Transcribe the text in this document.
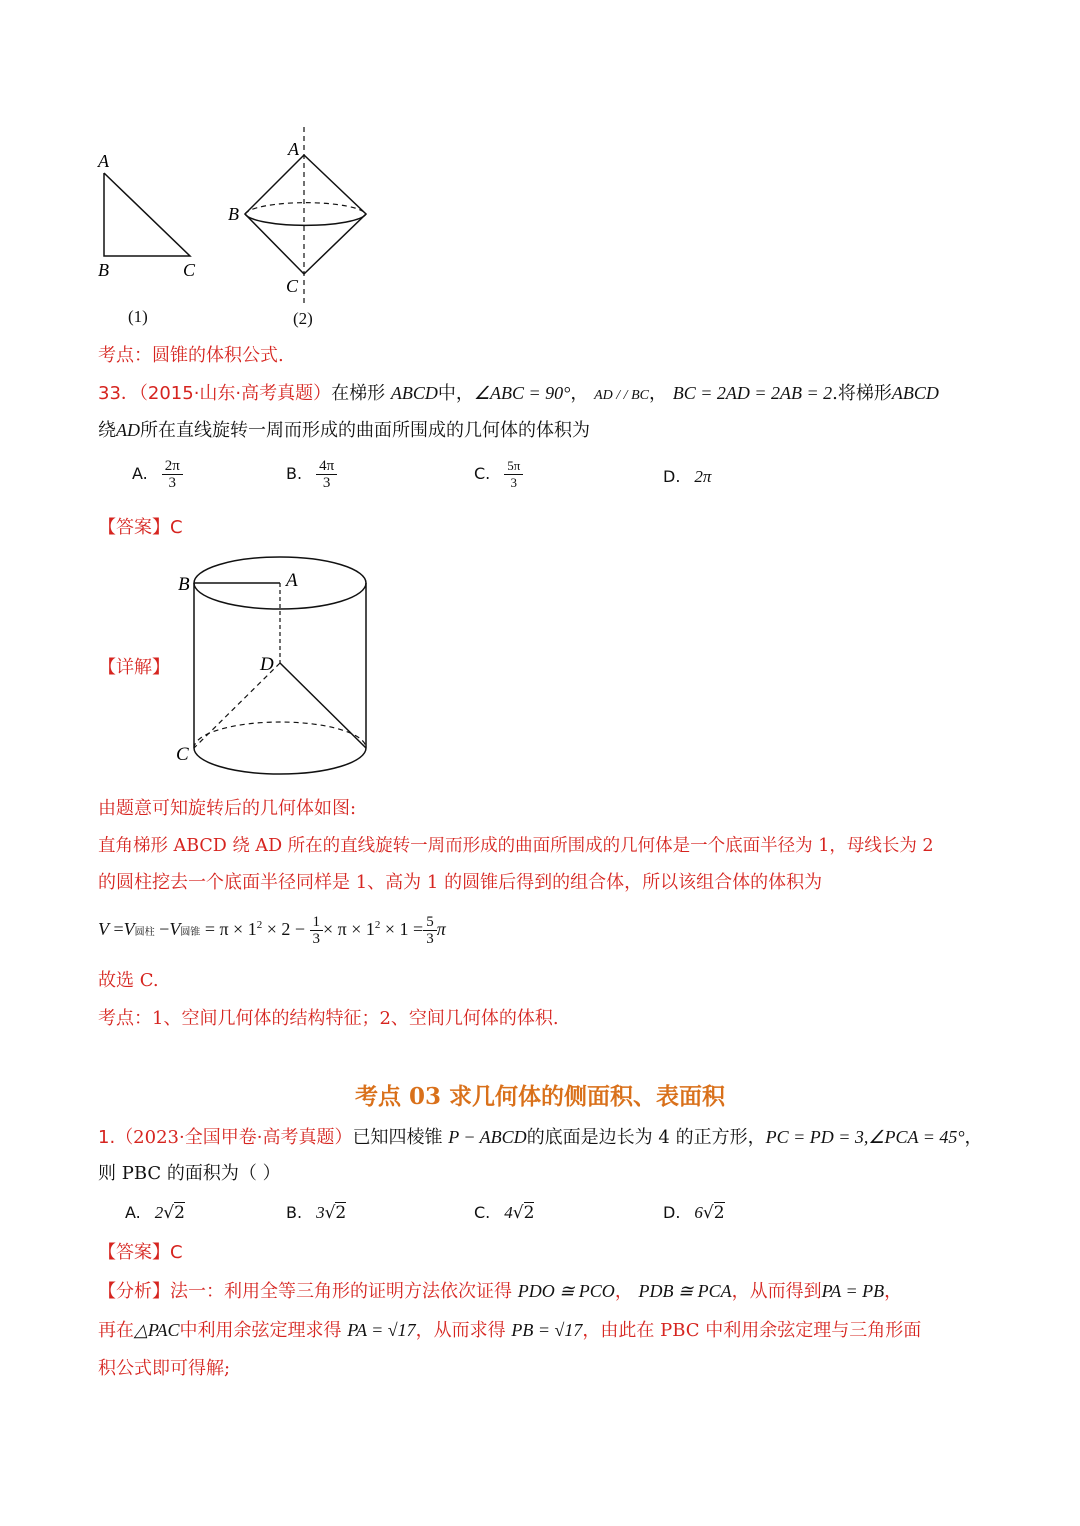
A
B	C
(1)
A
B
C
(2)
考点：圆锥的体积公式.
33．（2015·山东·高考真题）在梯形 ABCD中，∠ABC = 90°， AD / / BC， BC = 2AD = 2AB = 2.将梯形ABCD
绕AD所在直线旋转一周而形成的曲面所围成的几何体的体积为
A. $\frac{2\pi}{3}$	B. $\frac{4\pi}{3}$	C. $\frac{5\pi}{3}$	D. 2π
【答案】C
【详解】
B	A
D
C
由题意可知旋转后的几何体如图:
直角梯形 ABCD 绕 AD 所在的直线旋转一周而形成的曲面所围成的几何体是一个底面半径为 1，母线长为 2
的圆柱挖去一个底面半径同样是 1、高为 1 的圆锥后得到的组合体，所以该组合体的体积为
V =V圆柱 −V圆锥 = $\pi \times 1^2 \times 2 - \frac{1}{3} \times \pi \times 1^2 \times 1 = \frac{5}{3}$ π
故选 C.
考点：1、空间几何体的结构特征；2、空间几何体的体积.
考点 03 求几何体的侧面积、表面积
1.（2023·全国甲卷·高考真题）已知四棱锥 P − ABCD的底面是边长为 4 的正方形，PC = PD = 3,∠PCA = 45°，
则 PBC 的面积为（ ）
A. 2√2	B. 3√2	C. 4√2	D. 6√2
【答案】C
【分析】法一：利用全等三角形的证明方法依次证得 PDO ≅ PCO， PDB ≅ PCA，从而得到PA = PB，
再在△PAC中利用余弦定理求得 PA = √17，从而求得 PB = √17，由此在 PBC 中利用余弦定理与三角形面
积公式即可得解;
